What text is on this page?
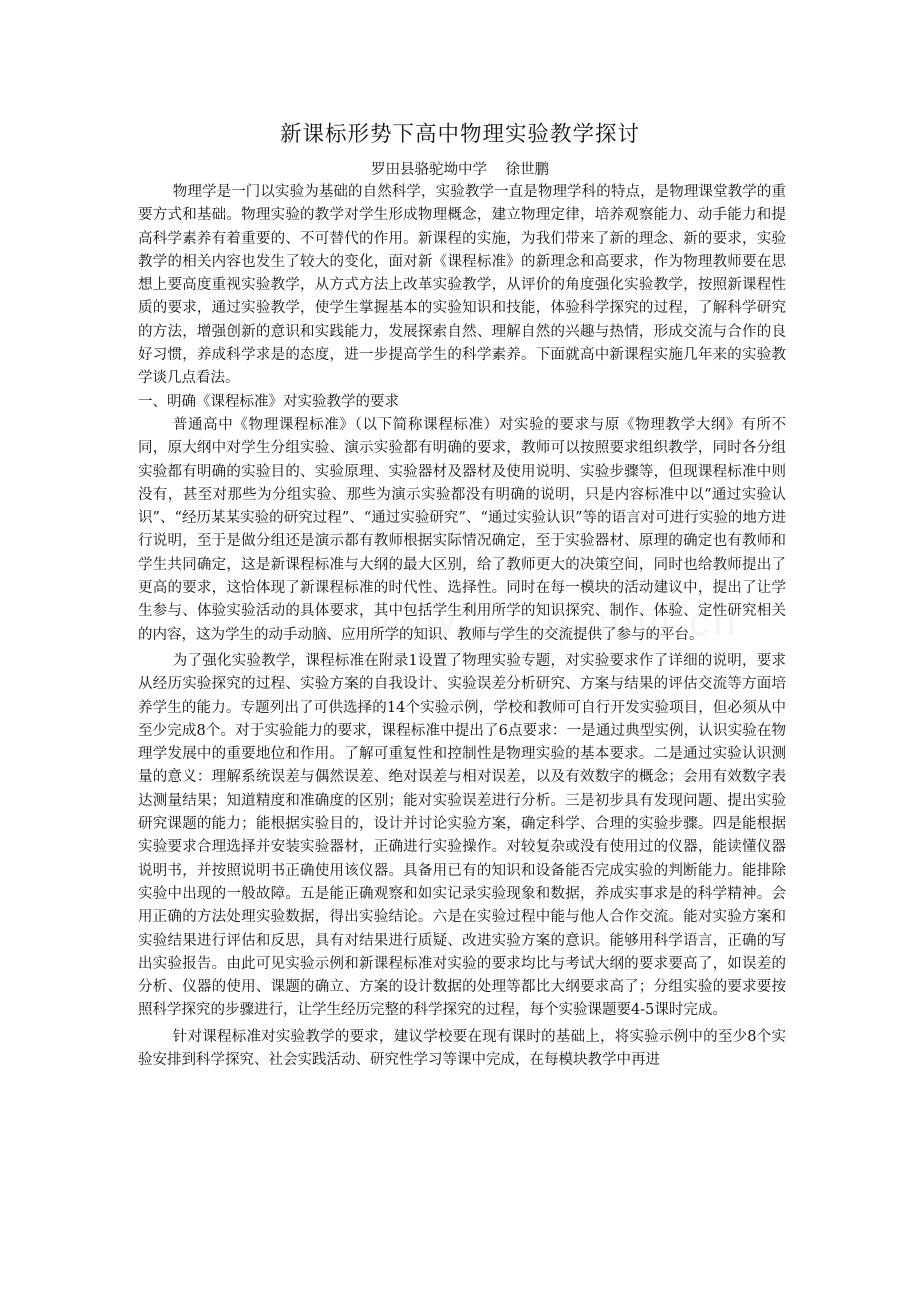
新课标形势下高中物理实验教学探讨
罗田县骆驼坳中学    徐世鹏

物理学是一门以实验为基础的自然科学，实验教学一直是物理学科的特点，是物理课堂教学的重要方式和基础。物理实验的教学对学生形成物理概念，建立物理定律，培养观察能力、动手能力和提高科学素养有着重要的、不可替代的作用。新课程的实施，为我们带来了新的理念、新的要求，实验教学的相关内容也发生了较大的变化，面对新《课程标准》的新理念和高要求，作为物理教师要在思想上要高度重视实验教学，从方式方法上改革实验教学，从评价的角度强化实验教学，按照新课程性质的要求，通过实验教学，使学生掌握基本的实验知识和技能，体验科学探究的过程，了解科学研究的方法，增强创新的意识和实践能力，发展探索自然、理解自然的兴趣与热情，形成交流与合作的良好习惯，养成科学求是的态度，进一步提高学生的科学素养。下面就高中新课程实施几年来的实验教学谈几点看法。

一、明确《课程标准》对实验教学的要求

普通高中《物理课程标准》（以下简称课程标准）对实验的要求与原《物理教学大纲》有所不同，原大纲中对学生分组实验、演示实验都有明确的要求，教师可以按照要求组织教学，同时各分组实验都有明确的实验目的、实验原理、实验器材及器材及使用说明、实验步骤等，但现课程标准中则没有，甚至对那些为分组实验、那些为演示实验都没有明确的说明，只是内容标准中以“通过实验认识”、“经历某某实验的研究过程”、“通过实验研究”、“通过实验认识”等的语言对可进行实验的地方进行说明，至于是做分组还是演示都有教师根据实际情况确定，至于实验器材、原理的确定也有教师和学生共同确定，这是新课程标准与大纲的最大区别，给了教师更大的决策空间，同时也给教师提出了更高的要求，这恰体现了新课程标准的时代性、选择性。同时在每一模块的活动建议中，提出了让学生参与、体验实验活动的具体要求，其中包括学生利用所学的知识探究、制作、体验、定性研究相关的内容，这为学生的动手动脑、应用所学的知识、教师与学生的交流提供了参与的平台。

为了强化实验教学，课程标准在附录1设置了物理实验专题，对实验要求作了详细的说明，要求从经历实验探究的过程、实验方案的自我设计、实验误差分析研究、方案与结果的评估交流等方面培养学生的能力。专题列出了可供选择的14个实验示例，学校和教师可自行开发实验项目，但必须从中至少完成8个。对于实验能力的要求，课程标准中提出了6点要求：一是通过典型实例，认识实验在物理学发展中的重要地位和作用。了解可重复性和控制性是物理实验的基本要求。二是通过实验认识测量的意义：理解系统误差与偶然误差、绝对误差与相对误差，以及有效数字的概念；会用有效数字表达测量结果；知道精度和准确度的区别；能对实验误差进行分析。三是初步具有发现问题、提出实验研究课题的能力；能根据实验目的，设计并讨论实验方案，确定科学、合理的实验步骤。四是能根据实验要求合理选择并安装实验器材，正确进行实验操作。对较复杂或没有使用过的仪器，能读懂仪器说明书，并按照说明书正确使用该仪器。具备用已有的知识和设备能否完成实验的判断能力。能排除实验中出现的一般故障。五是能正确观察和如实记录实验现象和数据，养成实事求是的科学精神。会用正确的方法处理实验数据，得出实验结论。六是在实验过程中能与他人合作交流。能对实验方案和实验结果进行评估和反思，具有对结果进行质疑、改进实验方案的意识。能够用科学语言，正确的写出实验报告。由此可见实验示例和新课程标准对实验的要求均比与考试大纲的要求要高了，如误差的分析、仪器的使用、课题的确立、方案的设计数据的处理等都比大纲要求高了；分组实验的要求要按照科学探究的步骤进行，让学生经历完整的科学探究的过程，每个实验课题要4-5课时完成。

针对课程标准对实验教学的要求，建议学校要在现有课时的基础上，将实验示例中的至少8个实验安排到科学探究、社会实践活动、研究性学习等课中完成，在每模块教学中再进
